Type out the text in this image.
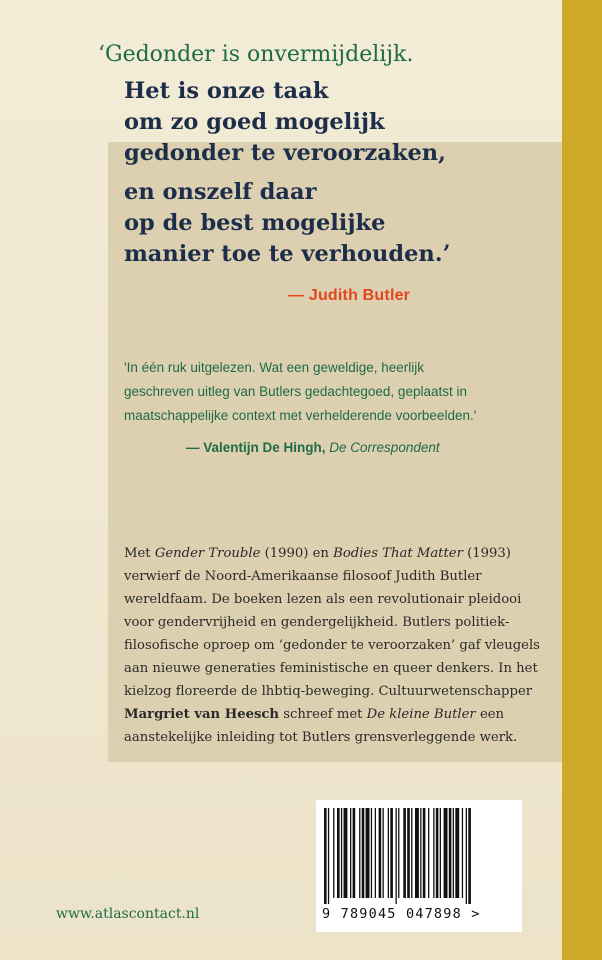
‘Gedonder is onvermijdelijk.
Het is onze taak
om zo goed mogelijk
gedonder te veroorzaken,
en onszelf daar
op de best mogelijke
manier toe te verhouden.’
— Judith Butler
'In één ruk uitgelezen. Wat een geweldige, heerlijk
geschreven uitleg van Butlers gedachtegoed, geplaatst in
maatschappelijke context met verhelderende voorbeelden.'
— Valentijn De Hingh, De Correspondent
Met Gender Trouble (1990) en Bodies That Matter (1993)
verwierf de Noord-Amerikaanse filosoof Judith Butler
wereldfaam. De boeken lezen als een revolutionair pleidooi
voor gendervrijheid en gendergelijkheid. Butlers politiek-
filosofische oproep om ‘gedonder te veroorzaken’ gaf vleugels
aan nieuwe generaties feministische en queer denkers. In het
kielzog floreerde de lhbtiq-beweging. Cultuurwetenschapper
Margriet van Heesch schreef met De kleine Butler een
aanstekelijke inleiding tot Butlers grensverleggende werk.
www.atlascontact.nl	9 789045 047898 >
